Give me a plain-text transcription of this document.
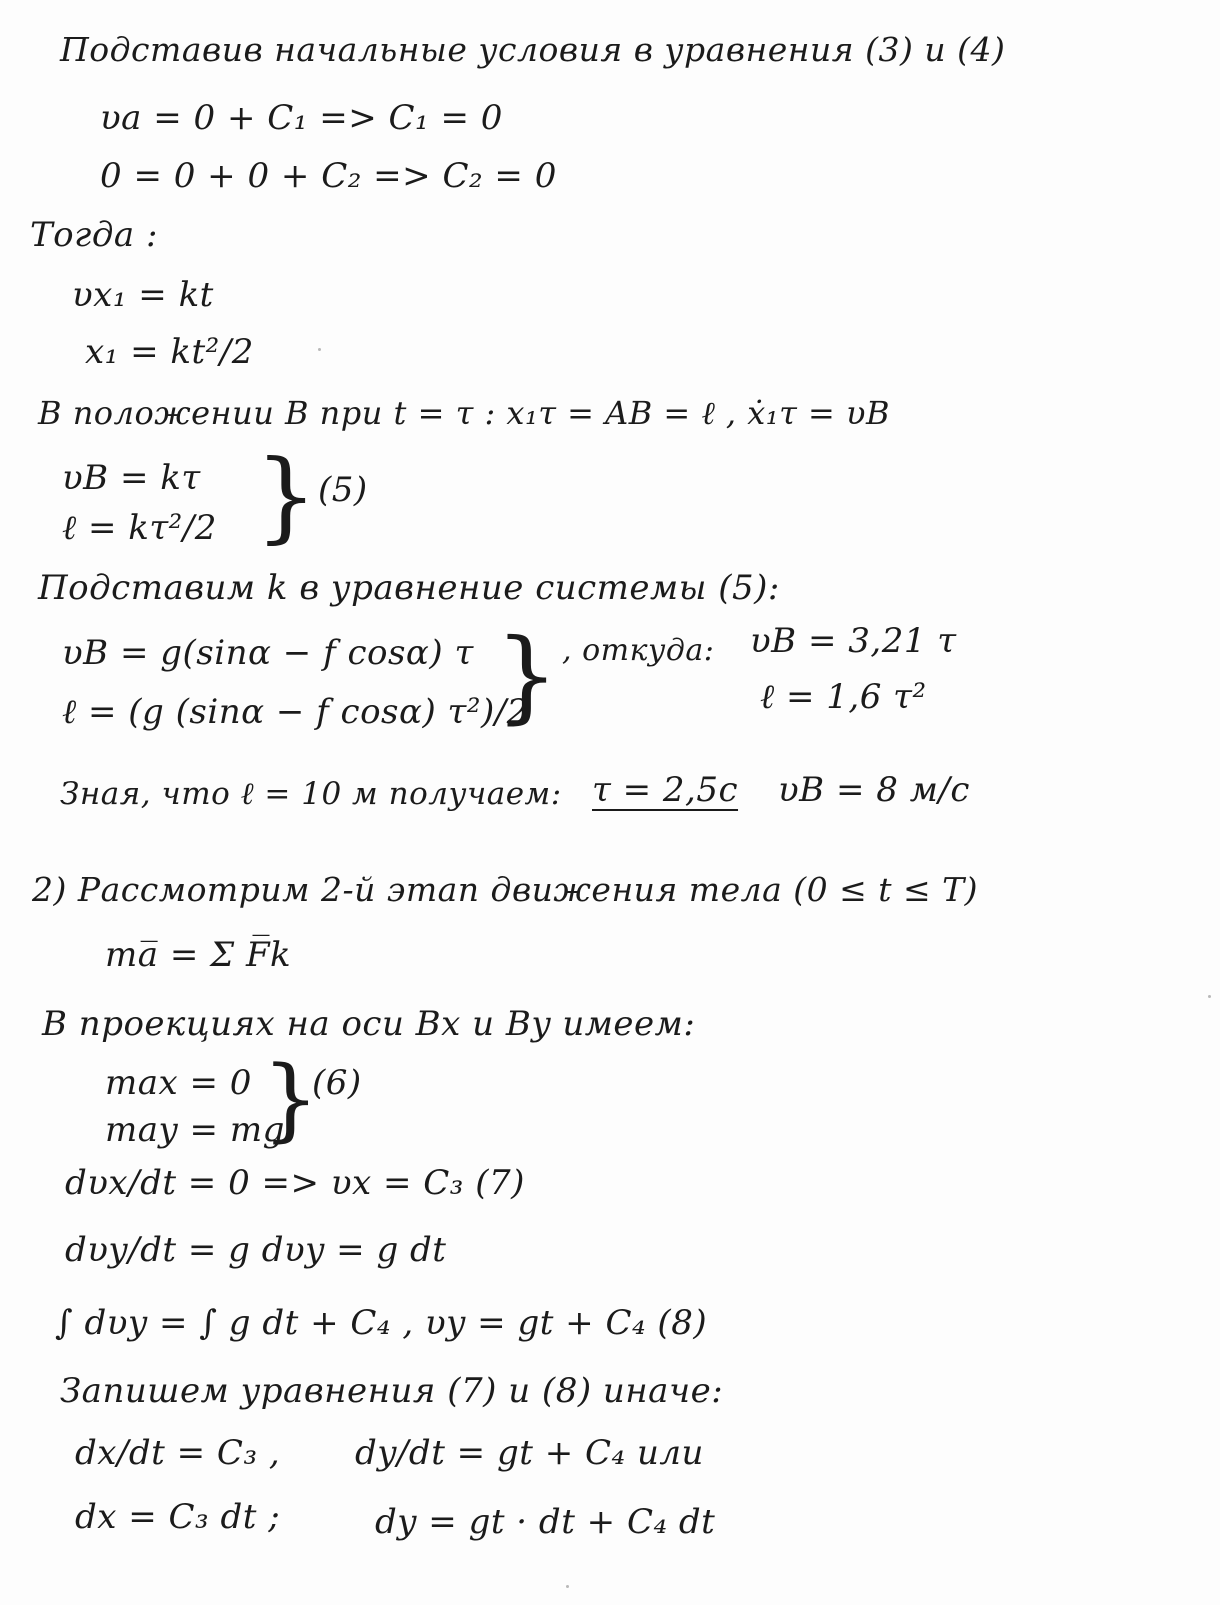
Подставив начальные условия в уравнения (3) и (4)
υa = 0 + C₁ => C₁ = 0
0 = 0 + 0 + C₂ => C₂ = 0
Тогда :
υx₁ = kt
x₁ = kt²/2
В положении B при t = τ : x₁τ = AB = ℓ , ẋ₁τ = υB
υB = kτ
ℓ = kτ²/2 } (5)
Подставим k в уравнение системы (5):
υB = g(sinα − f cosα) τ
ℓ = (g (sinα − f cosα) τ²)/2
} , откуда: υB = 3,21 τ
ℓ = 1,6 τ²
Зная, что ℓ = 10 м получаем: τ = 2,5c υB = 8 м/с
2) Рассмотрим 2-й этап движения тела (0 ≤ t ≤ T)
ma̅ = Σ F̅k
В проекциях на оси Bx и By имеем:
max = 0
may = mg
}
(6)
dυx/dt = 0 => υx = C₃ (7)
dυy/dt = g dυy = g dt
∫ dυy = ∫ g dt + C₄ , υy = gt + C₄ (8)
Запишем уравнения (7) и (8) иначе:
dx/dt = C₃ , dy/dt = gt + C₄ или
dx = C₃ dt ;	dy = gt · dt + C₄ dt
